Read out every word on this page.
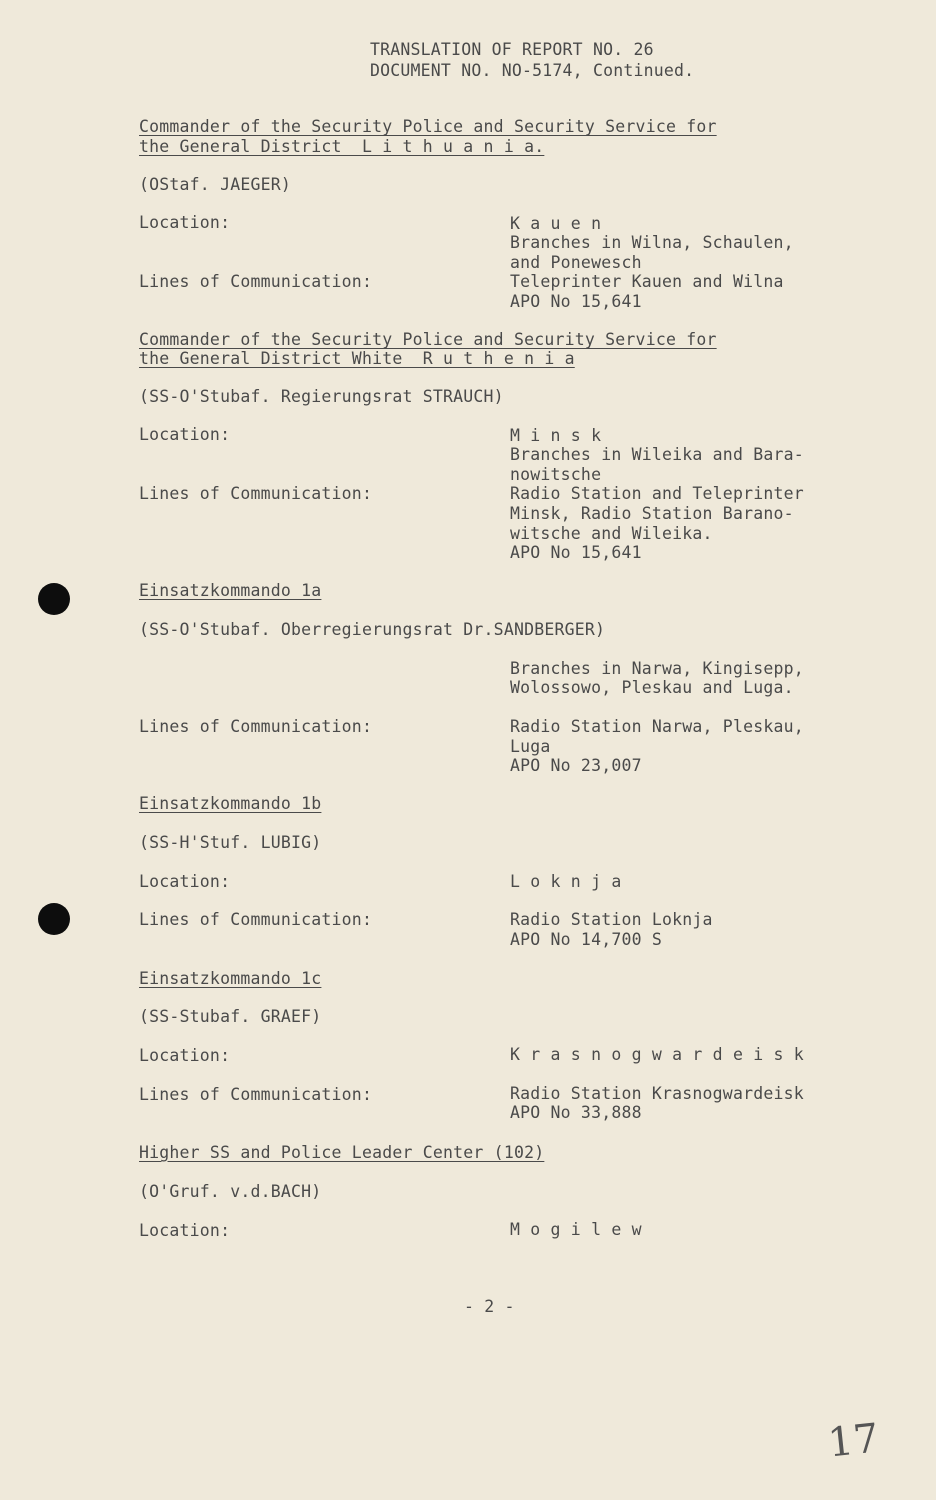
TRANSLATION OF REPORT NO. 26
DOCUMENT NO. NO-5174, Continued.
Commander of the Security Police and Security Service for
the General District  L i t h u a n i a.
(OStaf. JAEGER)
Location:	K a u e n
Branches in Wilna, Schaulen,
and Ponewesch
Lines of Communication:	Teleprinter Kauen and Wilna
APO No 15,641
Commander of the Security Police and Security Service for
the General District White  R u t h e n i a
(SS-O'Stubaf. Regierungsrat STRAUCH)
Location:	M i n s k
Branches in Wileika and Bara-
nowitsche
Lines of Communication:	Radio Station and Teleprinter
Minsk, Radio Station Barano-
witsche and Wileika.
APO No 15,641
Einsatzkommando 1a
(SS-O'Stubaf. Oberregierungsrat Dr.SANDBERGER)
Branches in Narwa, Kingisepp,
Wolossowo, Pleskau and Luga.
Lines of Communication:	Radio Station Narwa, Pleskau,
Luga
APO No 23,007
Einsatzkommando 1b
(SS-H'Stuf. LUBIG)
Location:	L o k n j a
Lines of Communication:	Radio Station Loknja
APO No 14,700 S
Einsatzkommando 1c
(SS-Stubaf. GRAEF)
Location:	K r a s n o g w a r d e i s k
Lines of Communication:	Radio Station Krasnogwardeisk
APO No 33,888
Higher SS and Police Leader Center (102)
(O'Gruf. v.d.BACH)
Location:	M o g i l e w
- 2 -
17
